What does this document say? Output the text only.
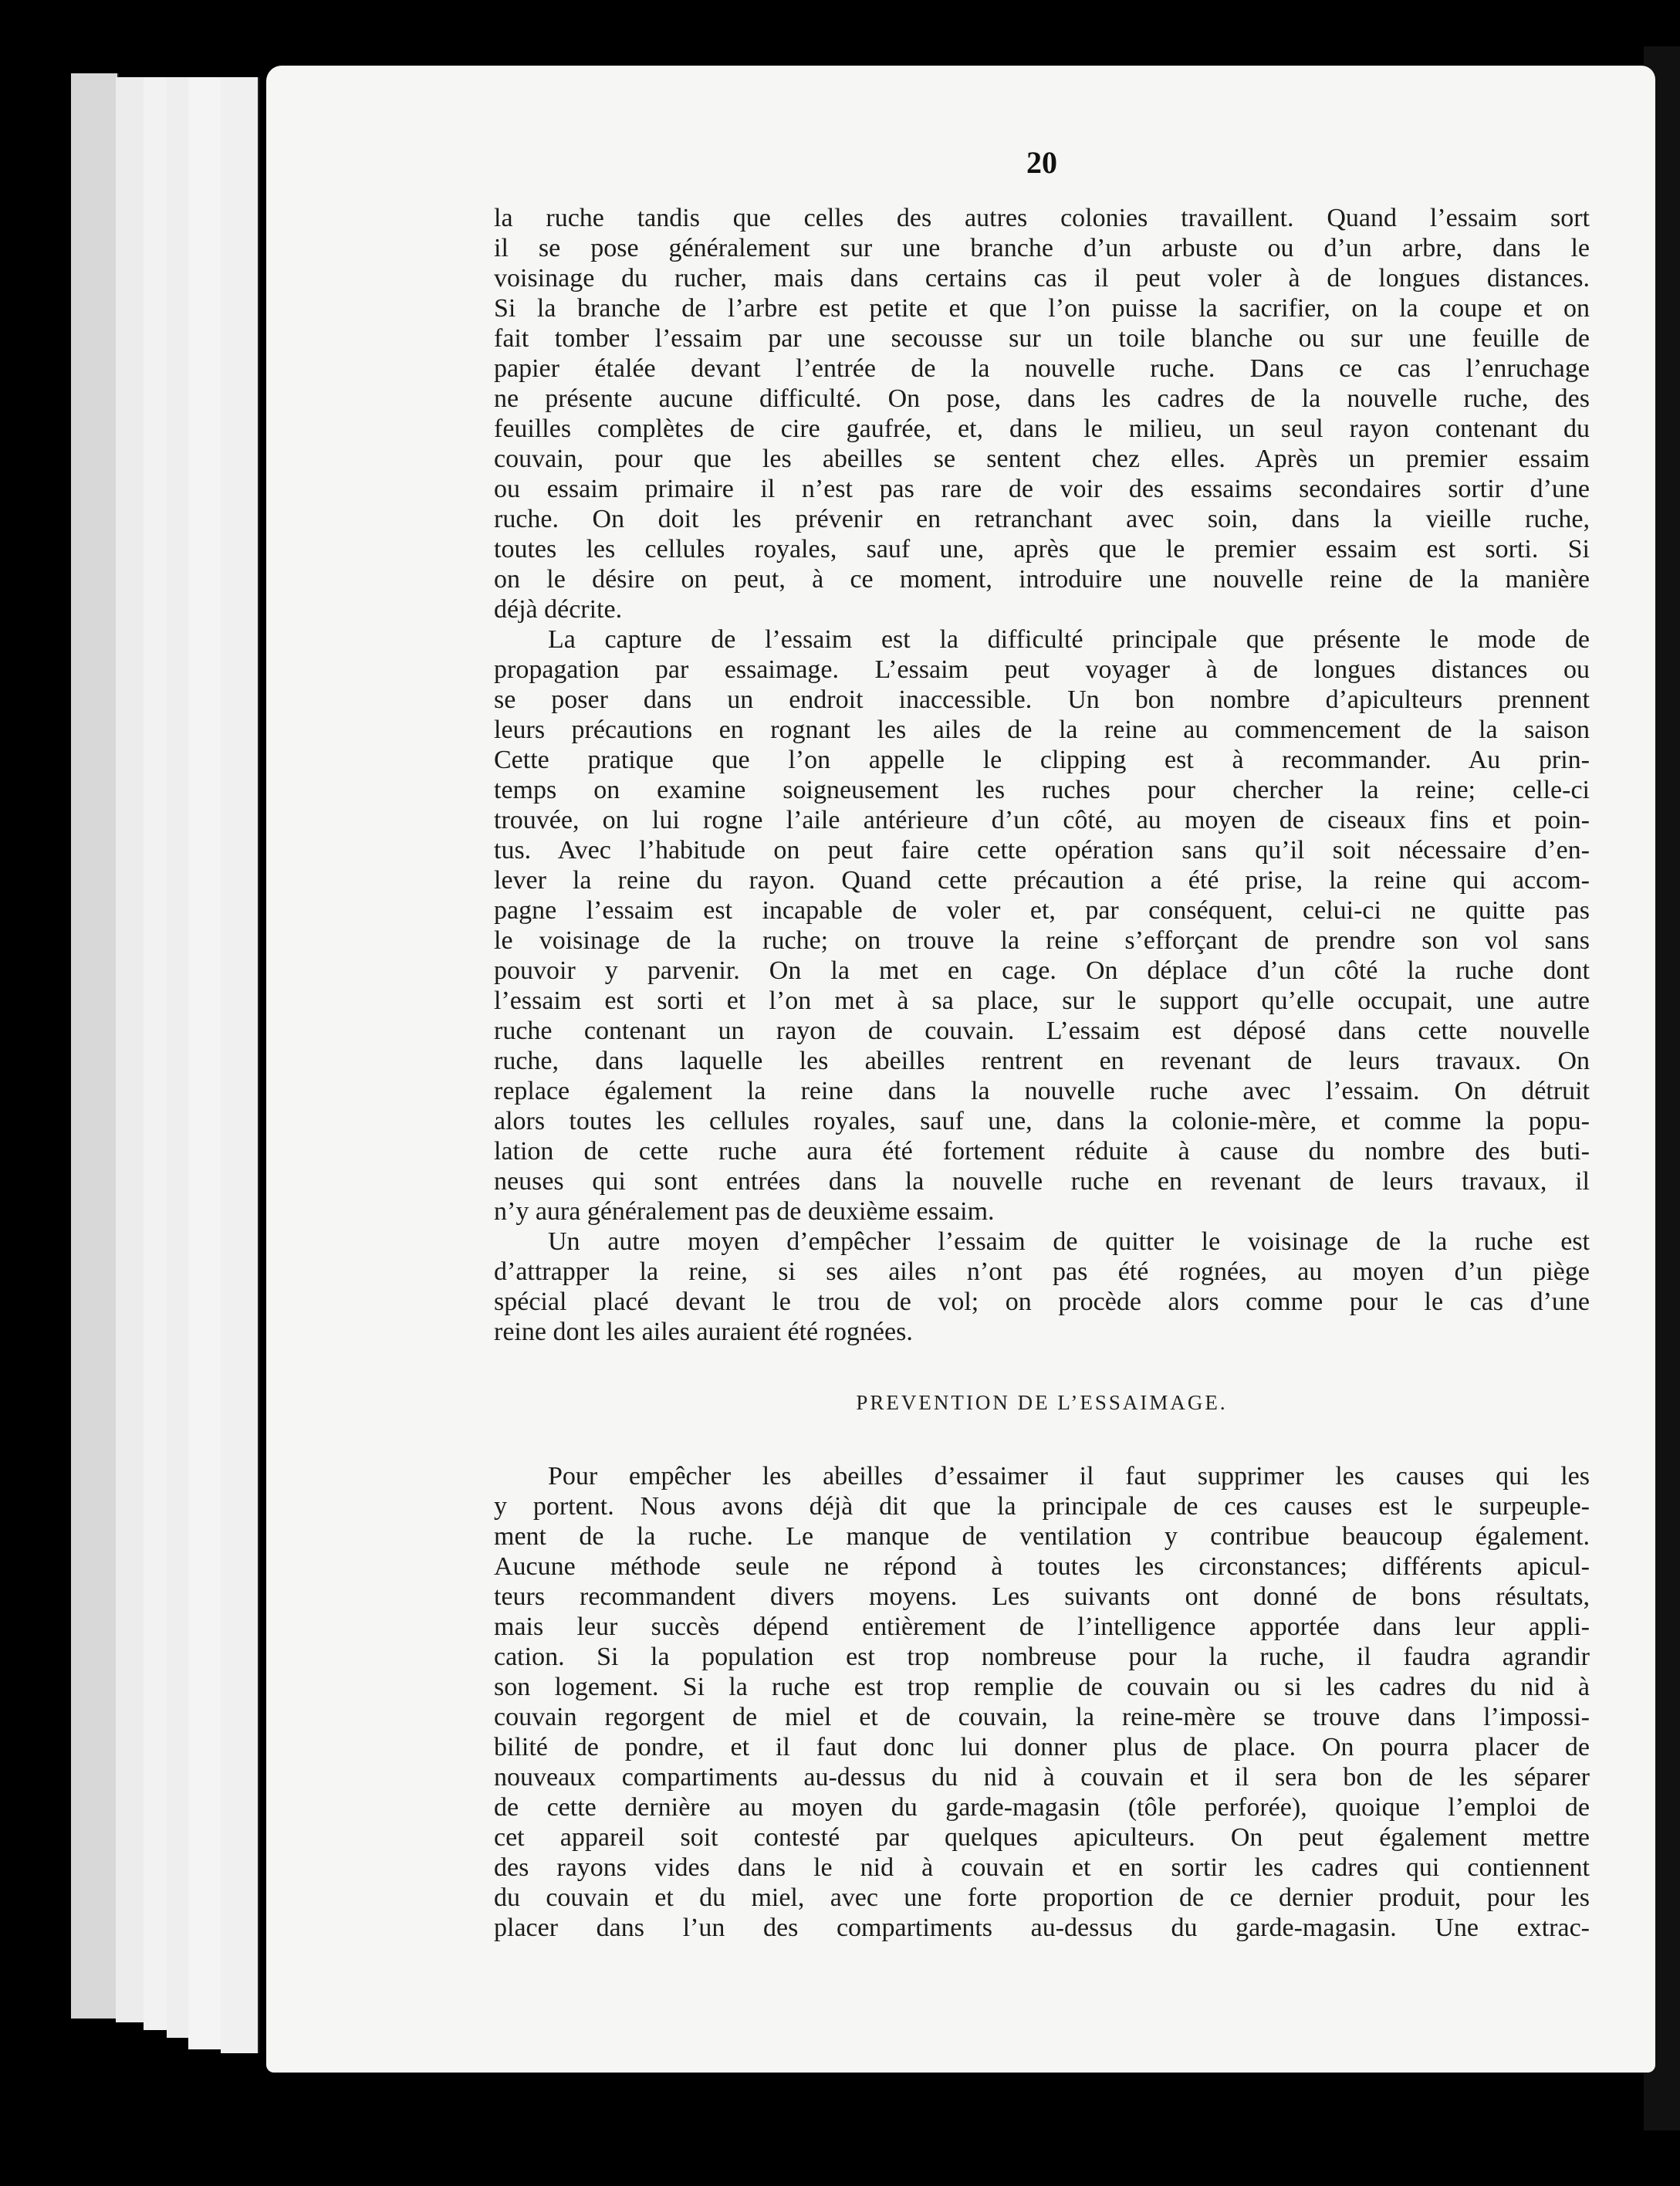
20
la ruche tandis que celles des autres colonies travaillent. Quand l’essaim sort
il se pose généralement sur une branche d’un arbuste ou d’un arbre, dans le
voisinage du rucher, mais dans certains cas il peut voler à de longues distances.
Si la branche de l’arbre est petite et que l’on puisse la sacrifier, on la coupe et on
fait tomber l’essaim par une secousse sur un toile blanche ou sur une feuille de
papier étalée devant l’entrée de la nouvelle ruche. Dans ce cas l’enruchage
ne présente aucune difficulté. On pose, dans les cadres de la nouvelle ruche, des
feuilles complètes de cire gaufrée, et, dans le milieu, un seul rayon contenant du
couvain, pour que les abeilles se sentent chez elles. Après un premier essaim
ou essaim primaire il n’est pas rare de voir des essaims secondaires sortir d’une
ruche. On doit les prévenir en retranchant avec soin, dans la vieille ruche,
toutes les cellules royales, sauf une, après que le premier essaim est sorti. Si
on le désire on peut, à ce moment, introduire une nouvelle reine de la manière
déjà décrite.
La capture de l’essaim est la difficulté principale que présente le mode de
propagation par essaimage. L’essaim peut voyager à de longues distances ou
se poser dans un endroit inaccessible. Un bon nombre d’apiculteurs prennent
leurs précautions en rognant les ailes de la reine au commencement de la saison
Cette pratique que l’on appelle le clipping est à recommander. Au prin-
temps on examine soigneusement les ruches pour chercher la reine; celle-ci
trouvée, on lui rogne l’aile antérieure d’un côté, au moyen de ciseaux fins et poin-
tus. Avec l’habitude on peut faire cette opération sans qu’il soit nécessaire d’en-
lever la reine du rayon. Quand cette précaution a été prise, la reine qui accom-
pagne l’essaim est incapable de voler et, par conséquent, celui-ci ne quitte pas
le voisinage de la ruche; on trouve la reine s’efforçant de prendre son vol sans
pouvoir y parvenir. On la met en cage. On déplace d’un côté la ruche dont
l’essaim est sorti et l’on met à sa place, sur le support qu’elle occupait, une autre
ruche contenant un rayon de couvain. L’essaim est déposé dans cette nouvelle
ruche, dans laquelle les abeilles rentrent en revenant de leurs travaux. On
replace également la reine dans la nouvelle ruche avec l’essaim. On détruit
alors toutes les cellules royales, sauf une, dans la colonie-mère, et comme la popu-
lation de cette ruche aura été fortement réduite à cause du nombre des buti-
neuses qui sont entrées dans la nouvelle ruche en revenant de leurs travaux, il
n’y aura généralement pas de deuxième essaim.
Un autre moyen d’empêcher l’essaim de quitter le voisinage de la ruche est
d’attrapper la reine, si ses ailes n’ont pas été rognées, au moyen d’un piège
spécial placé devant le trou de vol; on procède alors comme pour le cas d’une
reine dont les ailes auraient été rognées.
PREVENTION DE L’ESSAIMAGE.
Pour empêcher les abeilles d’essaimer il faut supprimer les causes qui les
y portent. Nous avons déjà dit que la principale de ces causes est le surpeuple-
ment de la ruche. Le manque de ventilation y contribue beaucoup également.
Aucune méthode seule ne répond à toutes les circonstances; différents apicul-
teurs recommandent divers moyens. Les suivants ont donné de bons résultats,
mais leur succès dépend entièrement de l’intelligence apportée dans leur appli-
cation. Si la population est trop nombreuse pour la ruche, il faudra agrandir
son logement. Si la ruche est trop remplie de couvain ou si les cadres du nid à
couvain regorgent de miel et de couvain, la reine-mère se trouve dans l’impossi-
bilité de pondre, et il faut donc lui donner plus de place. On pourra placer de
nouveaux compartiments au-dessus du nid à couvain et il sera bon de les séparer
de cette dernière au moyen du garde-magasin (tôle perforée), quoique l’emploi de
cet appareil soit contesté par quelques apiculteurs. On peut également mettre
des rayons vides dans le nid à couvain et en sortir les cadres qui contiennent
du couvain et du miel, avec une forte proportion de ce dernier produit, pour les
placer dans l’un des compartiments au-dessus du garde-magasin. Une extrac-
